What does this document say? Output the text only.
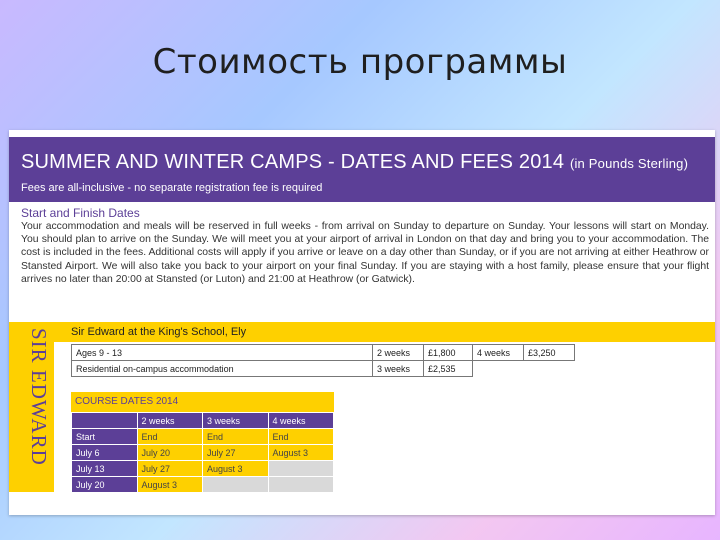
Стоимость программы
SUMMER AND WINTER CAMPS - DATES AND FEES 2014 (in Pounds Sterling)
Fees are all-inclusive - no separate registration fee is required
Start and Finish Dates
Your accommodation and meals will be reserved in full weeks - from arrival on Sunday to departure on Sunday. Your lessons will start on Monday. You should plan to arrive on the Sunday. We will meet you at your airport of arrival in London on that day and bring you to your accommodation. The cost is included in the fees. Additional costs will apply if you arrive or leave on a day other than Sunday, or if you are not arriving at either Heathrow or Stansted Airport. We will also take you back to your airport on your final Sunday. If you are staying with a host family, please ensure that your flight arrives no later than 20:00 at Stansted (or Luton) and 21:00 at Heathrow (or Gatwick).
SIR EDWARD Sir Edward at the King's School, Ely
Ages 9 - 13	2 weeks	£1,800	4 weeks	£3,250
Residential on-campus accommodation	3 weeks	£2,535		
COURSE DATES 2014
	2 weeks	3 weeks	4 weeks
Start	End	End	End
July 6	July 20	July 27	August 3
July 13	July 27	August 3	
July 20	August 3		
